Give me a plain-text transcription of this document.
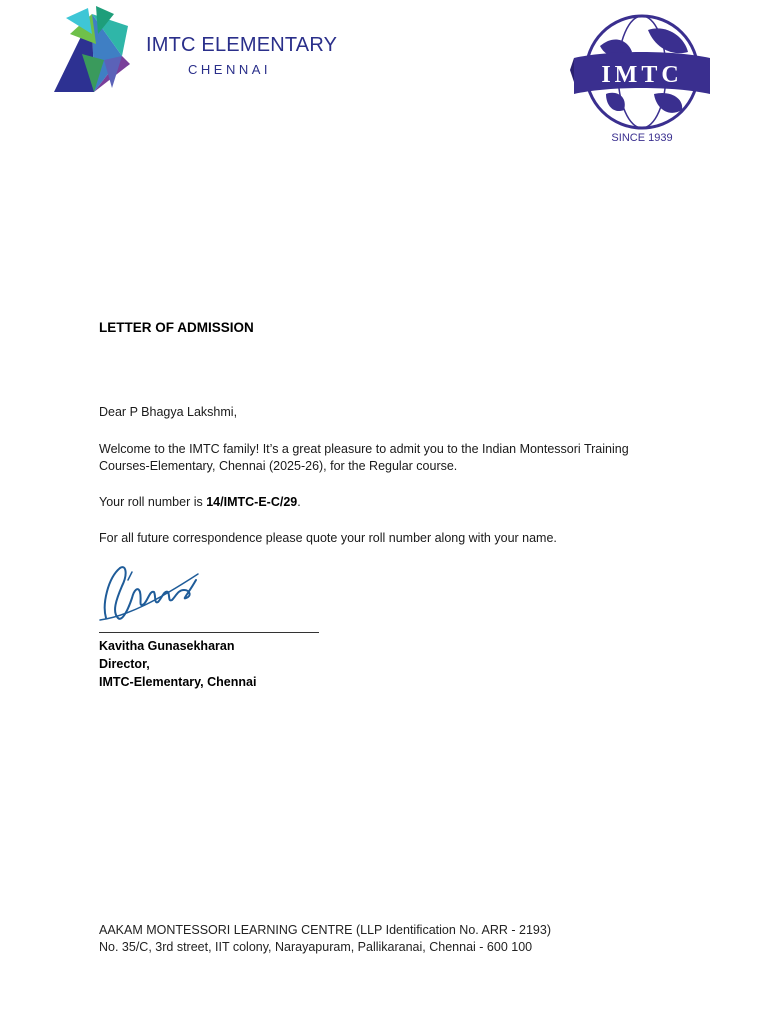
IMTC ELEMENTARY
CHENNAI	IMTC
SINCE 1939
LETTER OF ADMISSION
Dear P Bhagya Lakshmi,
Welcome to the IMTC family! It’s a great pleasure to admit you to the Indian Montessori Training Courses-Elementary, Chennai (2025-26), for the Regular course.
Your roll number is 14/IMTC-E-C/29.
For all future correspondence please quote your roll number along with your name.
Kavitha Gunasekharan
Director,
IMTC-Elementary, Chennai
AAKAM MONTESSORI LEARNING CENTRE (LLP Identification No. ARR - 2193)
No. 35/C, 3rd street, IIT colony, Narayapuram, Pallikaranai, Chennai - 600 100
